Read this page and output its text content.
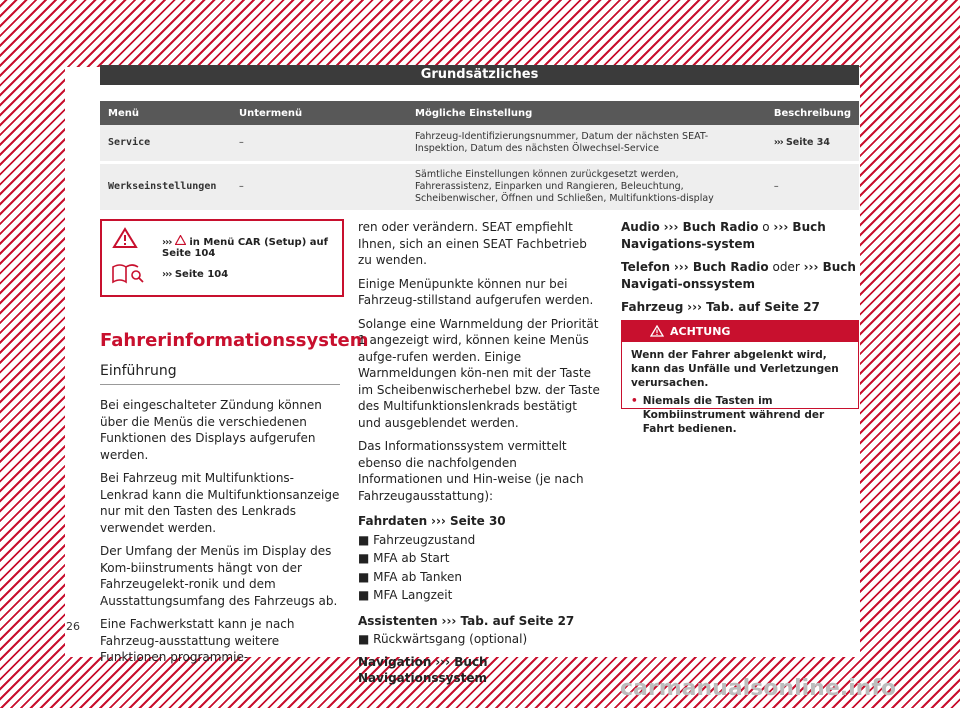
Grundsätzliches
Menü	Untermenü	Mögliche Einstellung	Beschreibung
Service	–	Fahrzeug-Identifizierungsnummer, Datum der nächsten SEAT-Inspektion, Datum des nächsten Ölwechsel-Service	››› Seite 34
Werkseinstellungen	–	Sämtliche Einstellungen können zurückgesetzt werden, Fahrerassistenz, Einparken und Rangieren, Beleuchtung, Scheibenwischer, Öffnen und Schließen, Multifunktions-display	–
››› in Menü CAR (Setup) auf Seite 104
››› Seite 104
Fahrerinformationssystem
Einführung

Bei eingeschalteter Zündung können über die Menüs die verschiedenen Funktionen des Displays aufgerufen werden.

Bei Fahrzeug mit Multifunktions-Lenkrad kann die Multifunktionsanzeige nur mit den Tasten des Lenkrads verwendet werden.

Der Umfang der Menüs im Display des Kom-biinstruments hängt von der Fahrzeugelekt-ronik und dem Ausstattungsumfang des Fahrzeugs ab.

Eine Fachwerkstatt kann je nach Fahrzeug-ausstattung weitere Funktionen programmie-

ren oder verändern. SEAT empfiehlt Ihnen, sich an einen SEAT Fachbetrieb zu wenden.

Einige Menüpunkte können nur bei Fahrzeug-stillstand aufgerufen werden.

Solange eine Warnmeldung der Priorität 1 angezeigt wird, können keine Menüs aufge-rufen werden. Einige Warnmeldungen kön-nen mit der Taste im Scheibenwischerhebel bzw. der Taste des Multifunktionslenkrads bestätigt und ausgeblendet werden.

Das Informationssystem vermittelt ebenso die nachfolgenden Informationen und Hin-weise (je nach Fahrzeugausstattung):

Fahrdaten ››› Seite 30
■ Fahrzeugzustand
■ MFA ab Start
■ MFA ab Tanken
■ MFA Langzeit
Assistenten ››› Tab. auf Seite 27
■ Rückwärtsgang (optional)
Navigation ››› Buch Navigationssystem

Audio ››› Buch Radio o ››› Buch Navigations-system

Telefon ››› Buch Radio oder ››› Buch Navigati-onssystem

Fahrzeug ››› Tab. auf Seite 27

ACHTUNG
Wenn der Fahrer abgelenkt wird, kann das Unfälle und Verletzungen verursachen.
• Niemals die Tasten im Kombiinstrument während der Fahrt bedienen.
26
carmanualsonline.info
